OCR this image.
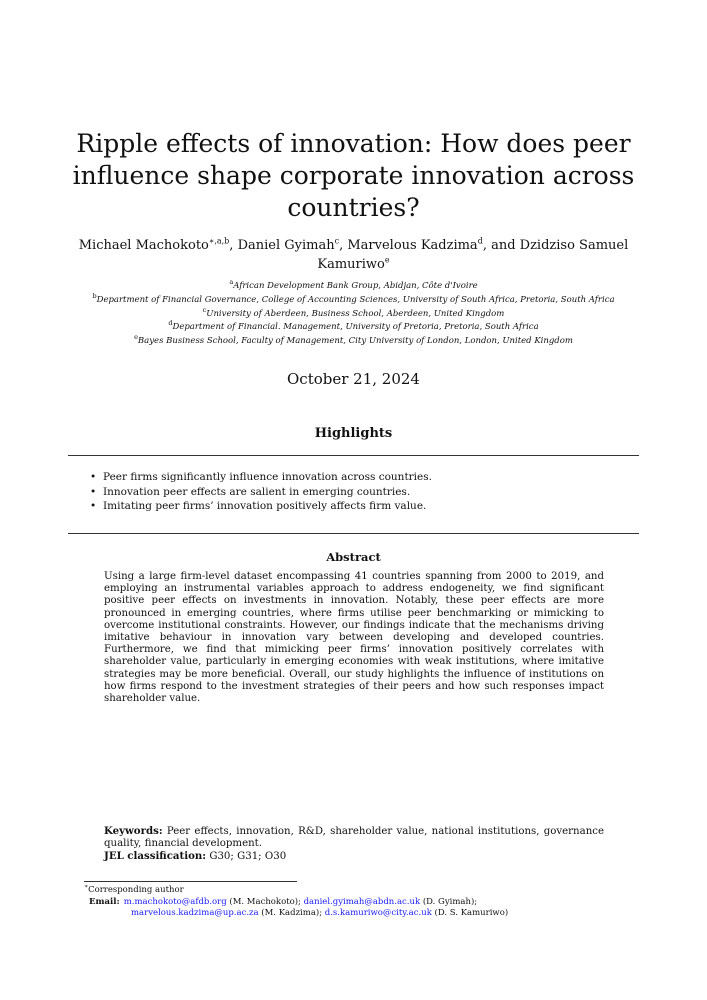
Ripple effects of innovation: How does peer
influence shape corporate innovation across
countries?
Michael Machokoto$^{∗,a,b}$, Daniel Gyimah$^c$, Marvelous Kadzima$^d$, and Dzidziso Samuel
Kamuriwo$^e$
$^a$African Development Bank Group, Abidjan, Côte d'Ivoire
$^b$Department of Financial Governance, College of Accounting Sciences, University of South Africa, Pretoria, South Africa
$^c$University of Aberdeen, Business School, Aberdeen, United Kingdom
$^d$Department of Financial. Management, University of Pretoria, Pretoria, South Africa
$^e$Bayes Business School, Faculty of Management, City University of London, London, United Kingdom
October 21, 2024
Highlights
• Peer firms significantly influence innovation across countries.
• Innovation peer effects are salient in emerging countries.
• Imitating peer firms’ innovation positively affects firm value.
Abstract

Using a large firm-level dataset encompassing 41 countries spanning from 2000 to 2019, and employing an instrumental variables approach to address endogeneity, we find significant positive peer effects on investments in innovation. Notably, these peer effects are more pronounced in emerging countries, where firms utilise peer benchmarking or mimicking to overcome institutional constraints. However, our findings indicate that the mechanisms driving imitative behaviour in innovation vary between developing and developed countries. Furthermore, we find that mimicking peer firms’ innovation positively correlates with shareholder value, particularly in emerging economies with weak institutions, where imitative strategies may be more beneficial. Overall, our study highlights the influence of institutions on how firms respond to the investment strategies of their peers and how such responses impact shareholder value.

Keywords: Peer effects, innovation, R&D, shareholder value, national institutions, governance quality, financial development.
JEL classification: G30; G31; O30
∗Corresponding author
Email: m.machokoto@afdb.org (M. Machokoto); daniel.gyimah@abdn.ac.uk (D. Gyimah);
marvelous.kadzima@up.ac.za (M. Kadzima); d.s.kamuriwo@city.ac.uk (D. S. Kamuriwo)
